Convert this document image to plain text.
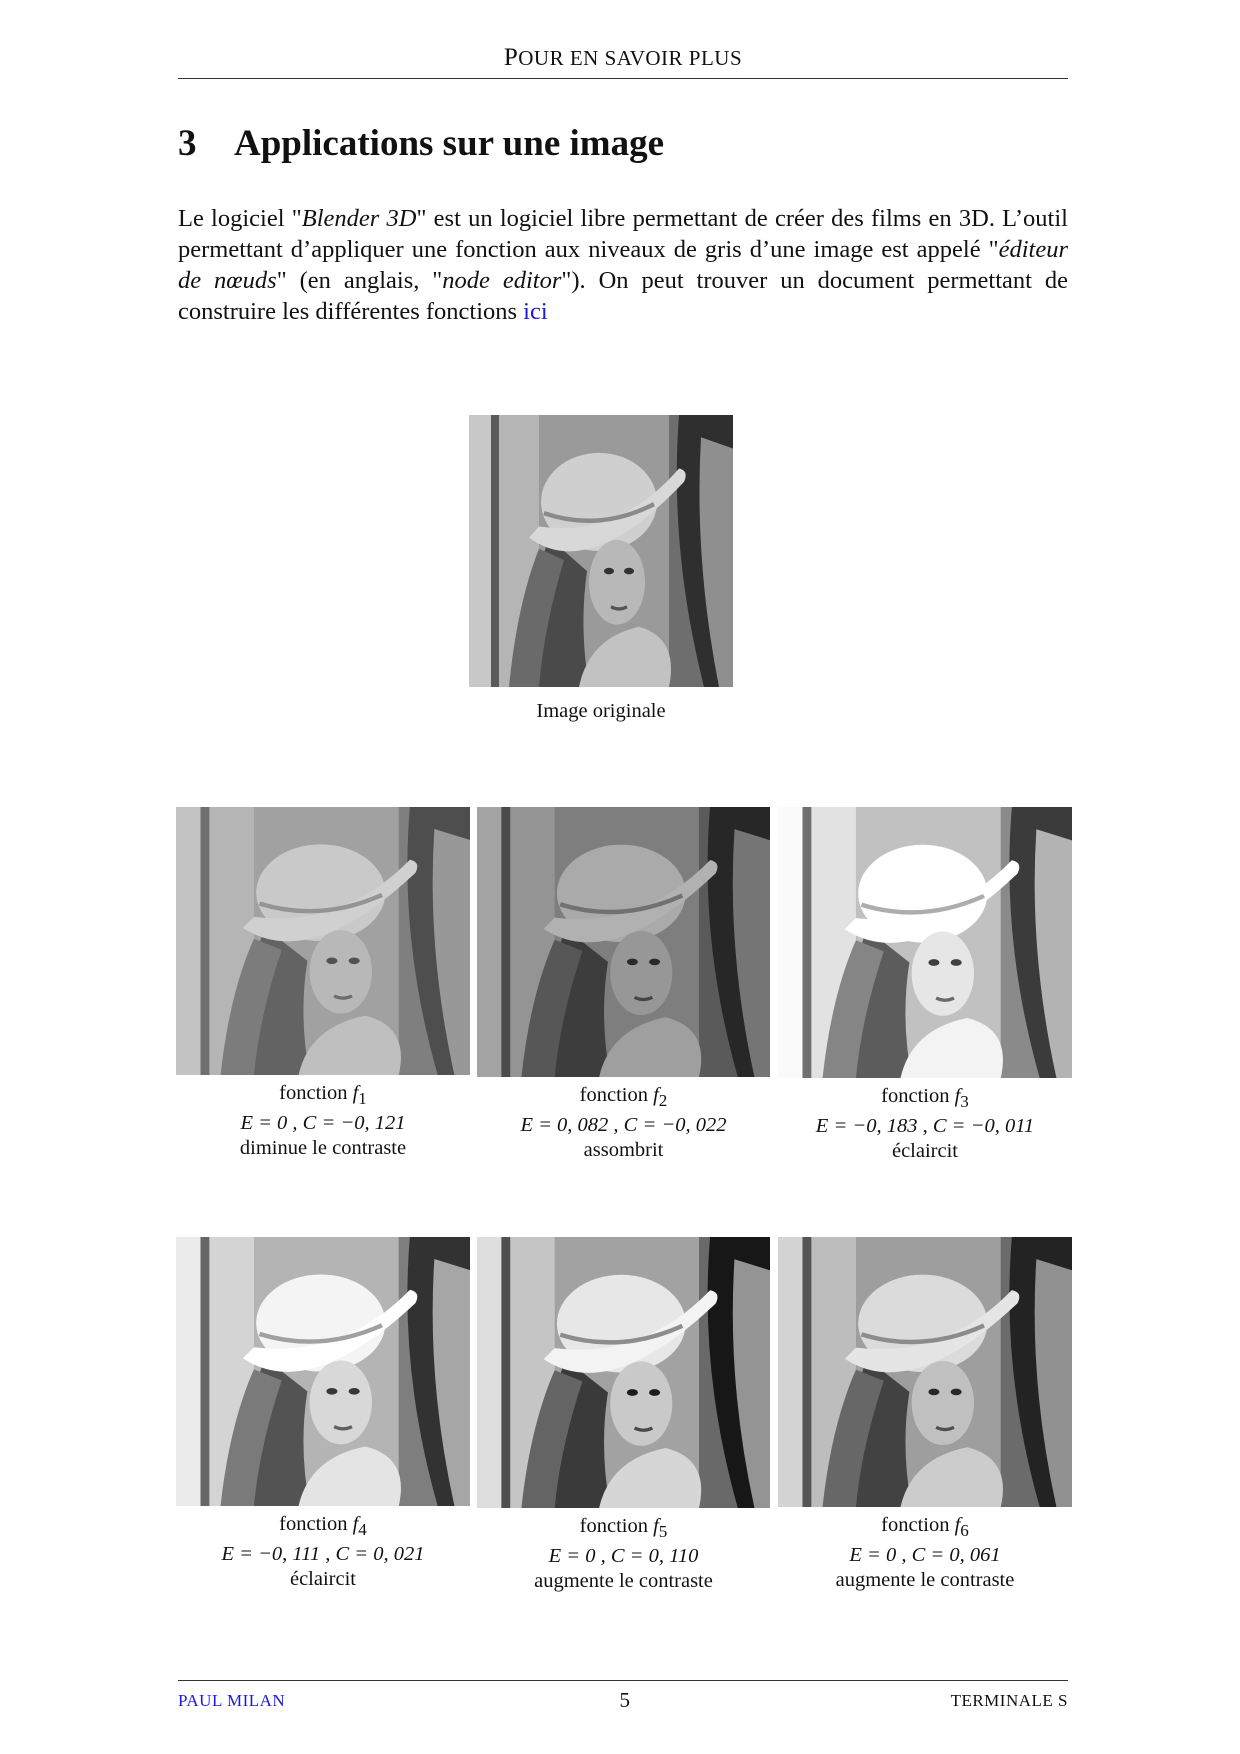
POUR EN SAVOIR PLUS
3 Applications sur une image

Le logiciel "Blender 3D" est un logiciel libre permettant de créer des films en 3D. L’outil permettant d’appliquer une fonction aux niveaux de gris d’une image est appelé "éditeur de nœuds" (en anglais, "node editor"). On peut trouver un document permettant de construire les différentes fonctions ici

Image originale
fonction $f_1$
E = 0 , C = −0, 121
diminue le contraste
fonction $f_2$
E = 0, 082 , C = −0, 022
assombrit
fonction $f_3$
E = −0, 183 , C = −0, 011
éclaircit
fonction $f_4$
E = −0, 111 , C = 0, 021
éclaircit
fonction $f_5$
E = 0 , C = 0, 110
augmente le contraste
fonction $f_6$
E = 0 , C = 0, 061
augmente le contraste
PAUL MILAN	5	TERMINALE S
